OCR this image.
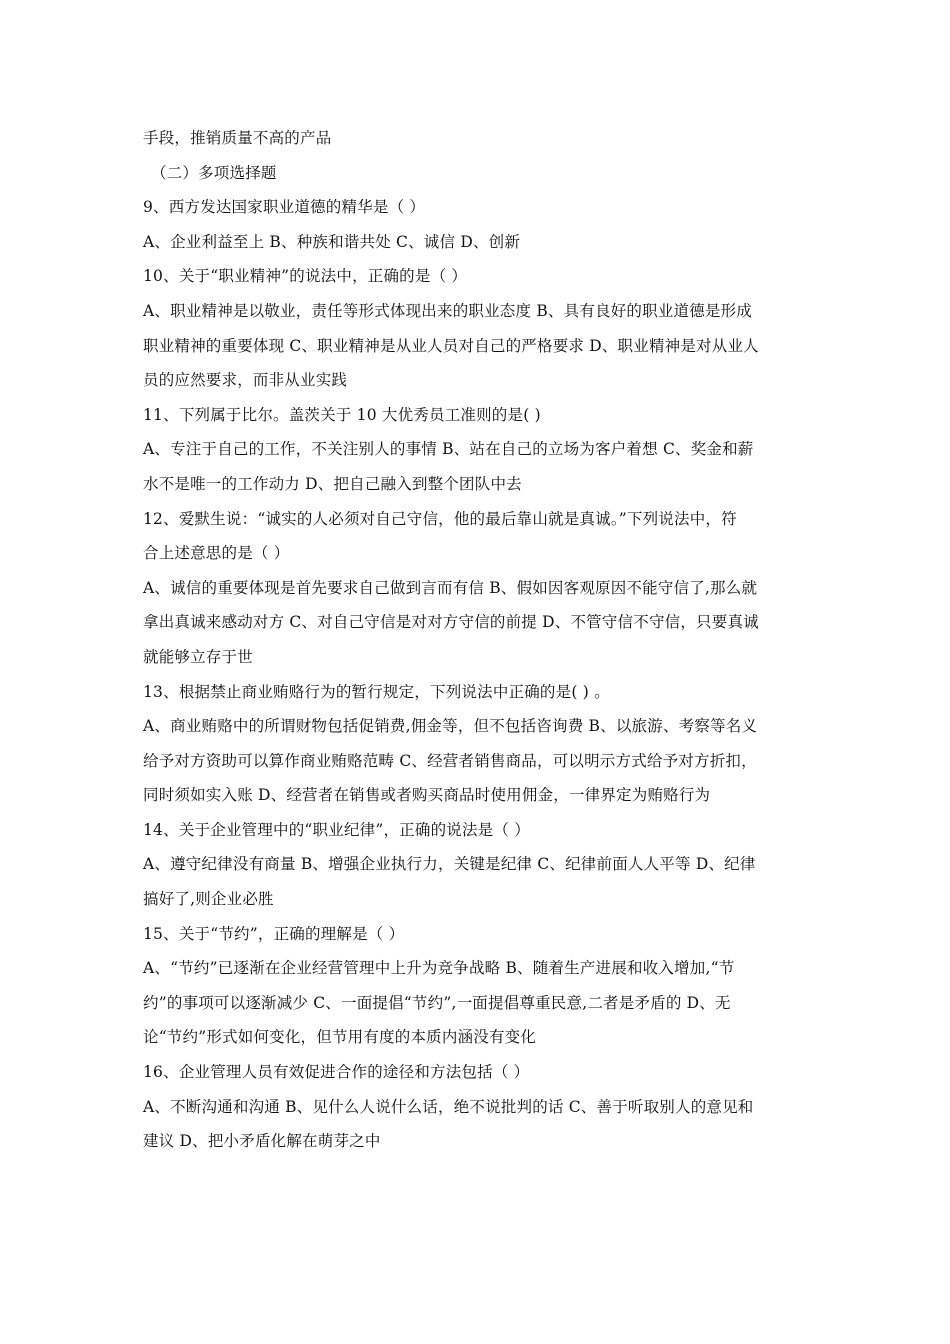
手段，推销质量不高的产品
（二）多项选择题
9、西方发达国家职业道德的精华是（ ）
A、企业利益至上 B、种族和谐共处 C、诚信 D、创新
10、关于“职业精神”的说法中，正确的是（ ）
A、职业精神是以敬业，责任等形式体现出来的职业态度 B、具有良好的职业道德是形成
职业精神的重要体现 C、职业精神是从业人员对自己的严格要求 D、职业精神是对从业人
员的应然要求，而非从业实践
11、下列属于比尔。盖茨关于 10 大优秀员工准则的是( )
A、专注于自己的工作，不关注别人的事情 B、站在自己的立场为客户着想 C、奖金和薪
水不是唯一的工作动力 D、把自己融入到整个团队中去
12、爱默生说：“诚实的人必须对自己守信，他的最后靠山就是真诚。”下列说法中，符
合上述意思的是（ ）
A、诚信的重要体现是首先要求自己做到言而有信 B、假如因客观原因不能守信了,那么就
拿出真诚来感动对方 C、对自己守信是对对方守信的前提 D、不管守信不守信，只要真诚
就能够立存于世
13、根据禁止商业贿赂行为的暂行规定，下列说法中正确的是( ) 。
A、商业贿赂中的所谓财物包括促销费,佣金等，但不包括咨询费 B、以旅游、考察等名义
给予对方资助可以算作商业贿赂范畴 C、经营者销售商品，可以明示方式给予对方折扣，
同时须如实入账 D、经营者在销售或者购买商品时使用佣金，一律界定为贿赂行为
14、关于企业管理中的“职业纪律”，正确的说法是（ ）
A、遵守纪律没有商量 B、增强企业执行力，关键是纪律 C、纪律前面人人平等 D、纪律
搞好了,则企业必胜
15、关于“节约”，正确的理解是（ ）
A、“节约”已逐渐在企业经营管理中上升为竞争战略 B、随着生产进展和收入增加,“节
约”的事项可以逐渐减少 C、一面提倡“节约”,一面提倡尊重民意,二者是矛盾的 D、无
论“节约”形式如何变化，但节用有度的本质内涵没有变化
16、企业管理人员有效促进合作的途径和方法包括（ ）
A、不断沟通和沟通 B、见什么人说什么话，绝不说批判的话 C、善于听取别人的意见和
建议 D、把小矛盾化解在萌芽之中
